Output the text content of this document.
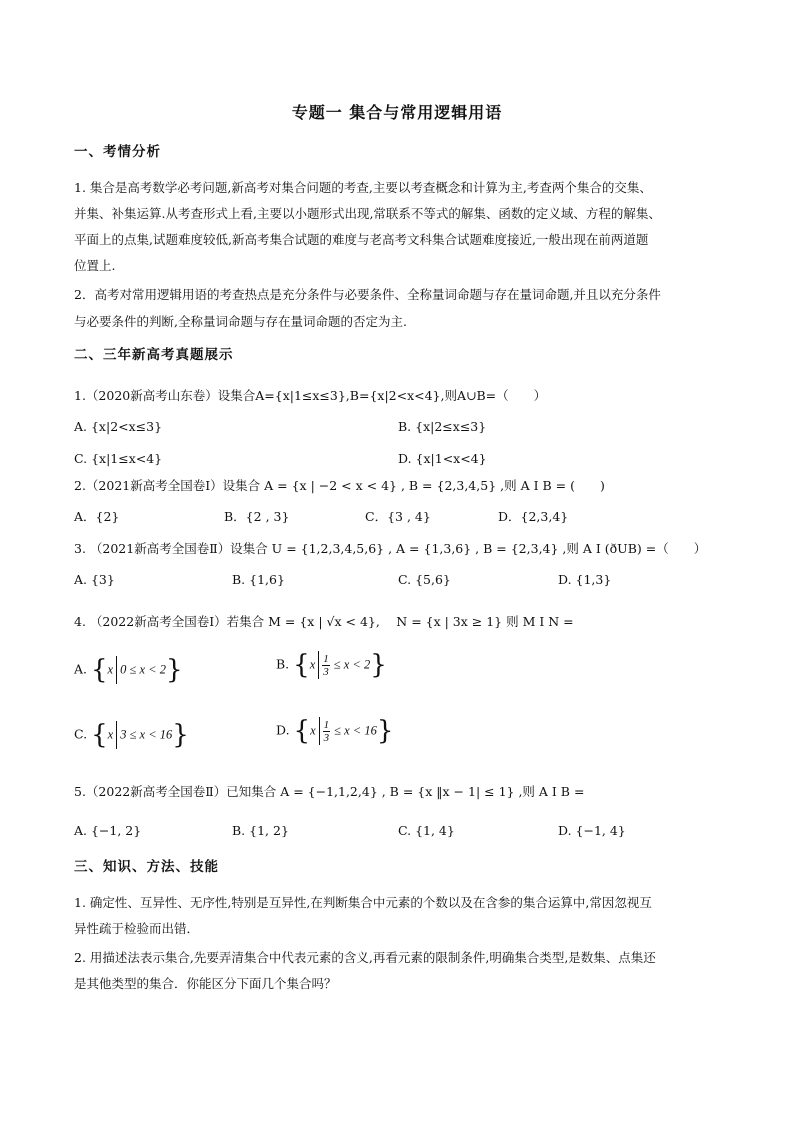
专题一 集合与常用逻辑用语
一、考情分析
1. 集合是高考数学必考问题,新高考对集合问题的考查,主要以考查概念和计算为主,考查两个集合的交集、
并集、补集运算.从考查形式上看,主要以小题形式出现,常联系不等式的解集、函数的定义域、方程的解集、
平面上的点集,试题难度较低,新高考集合试题的难度与老高考文科集合试题难度接近,一般出现在前两道题
位置上.
2．高考对常用逻辑用语的考查热点是充分条件与必要条件、全称量词命题与存在量词命题,并且以充分条件
与必要条件的判断,全称量词命题与存在量词命题的否定为主.
二、三年新高考真题展示
1.（2020新高考山东卷）设集合A={x|1≤x≤3},B={x|2<x<4},则A∪B=（　　）
A. {x|2<x≤3}	B. {x|2≤x≤3}
C. {x|1≤x<4}	D. {x|1<x<4}
2.（2021新高考全国卷Ⅰ）设集合 A = {x | −2 < x < 4} , B = {2,3,4,5} ,则 A I B = (　　)
A．{2}	B．{2 , 3}	C．{3 , 4}	D．{2,3,4}
3. （2021新高考全国卷Ⅱ）设集合 U = {1,2,3,4,5,6} , A = {1,3,6} , B = {2,3,4} ,则 A I (ðUB) =（　　）
A. {3}	B. {1,6}	C. {5,6}	D. {1,3}
4. （2022新高考全国卷Ⅰ）若集合 M = {x | √x < 4}, 　N = {x | 3x ≥ 1} 则 M I N =
A. {x 0 ≤ x < 2}	B. $\{x \frac{1}{3} \le x < 2\}$
C. {x 3 ≤ x < 16}	D. $\{x \frac{1}{3} \le x < 16\}$
5.（2022新高考全国卷Ⅱ）已知集合 A = {−1,1,2,4} , B = {x ‖x − 1| ≤ 1} ,则 A I B =
A. {−1, 2}	B. {1, 2}	C. {1, 4}	D. {−1, 4}
三、知识、方法、技能
1. 确定性、互异性、无序性,特别是互异性,在判断集合中元素的个数以及在含参的集合运算中,常因忽视互
异性疏于检验而出错．
2. 用描述法表示集合,先要弄清集合中代表元素的含义,再看元素的限制条件,明确集合类型,是数集、点集还
是其他类型的集合．你能区分下面几个集合吗？
